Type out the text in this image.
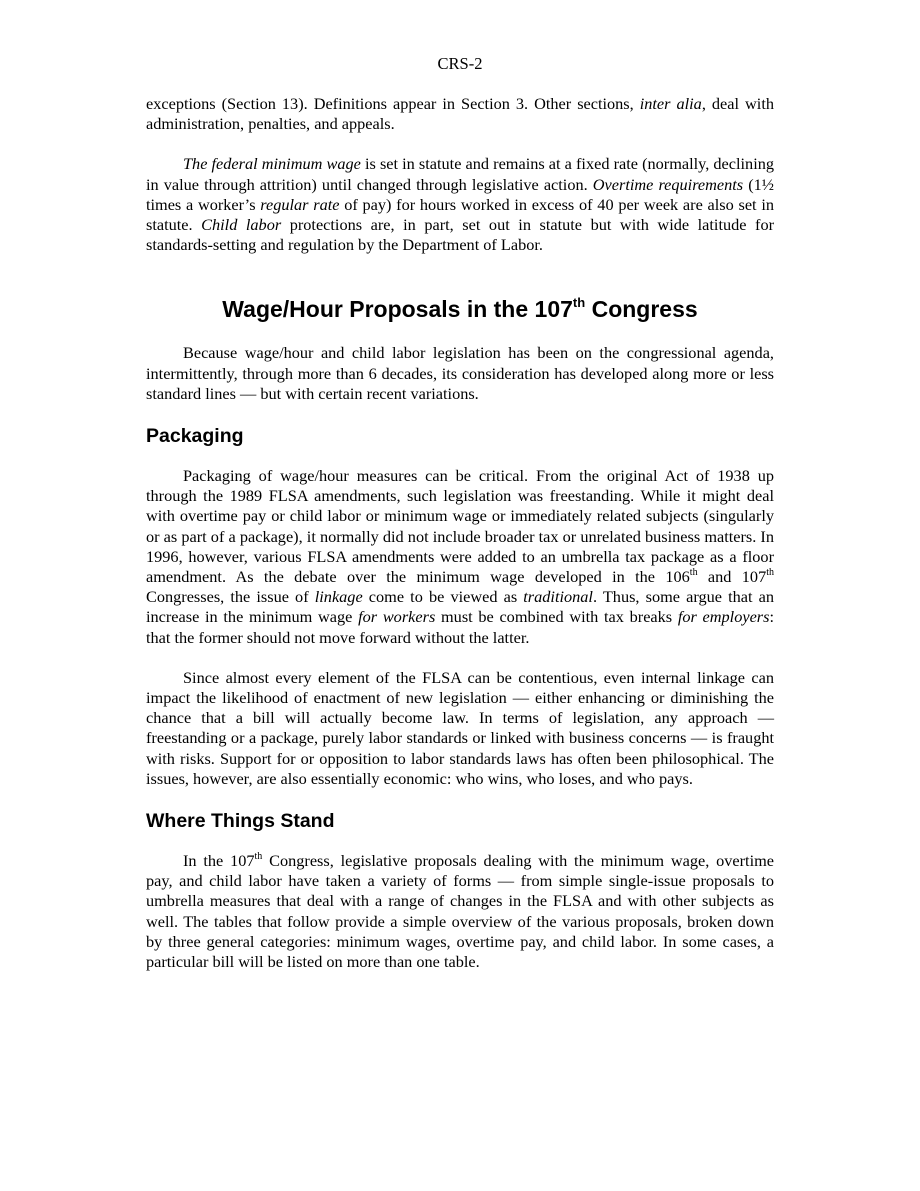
CRS-2

exceptions (Section 13). Definitions appear in Section 3. Other sections, inter alia, deal with administration, penalties, and appeals.

The federal minimum wage is set in statute and remains at a fixed rate (normally, declining in value through attrition) until changed through legislative action. Overtime requirements (1½ times a worker’s regular rate of pay) for hours worked in excess of 40 per week are also set in statute. Child labor protections are, in part, set out in statute but with wide latitude for standards-setting and regulation by the Department of Labor.

Wage/Hour Proposals in the 107th Congress

Because wage/hour and child labor legislation has been on the congressional agenda, intermittently, through more than 6 decades, its consideration has developed along more or less standard lines — but with certain recent variations.

Packaging

Packaging of wage/hour measures can be critical. From the original Act of 1938 up through the 1989 FLSA amendments, such legislation was freestanding. While it might deal with overtime pay or child labor or minimum wage or immediately related subjects (singularly or as part of a package), it normally did not include broader tax or unrelated business matters. In 1996, however, various FLSA amendments were added to an umbrella tax package as a floor amendment. As the debate over the minimum wage developed in the 106th and 107th Congresses, the issue of linkage come to be viewed as traditional. Thus, some argue that an increase in the minimum wage for workers must be combined with tax breaks for employers: that the former should not move forward without the latter.

Since almost every element of the FLSA can be contentious, even internal linkage can impact the likelihood of enactment of new legislation — either enhancing or diminishing the chance that a bill will actually become law. In terms of legislation, any approach — freestanding or a package, purely labor standards or linked with business concerns — is fraught with risks. Support for or opposition to labor standards laws has often been philosophical. The issues, however, are also essentially economic: who wins, who loses, and who pays.

Where Things Stand

In the 107th Congress, legislative proposals dealing with the minimum wage, overtime pay, and child labor have taken a variety of forms — from simple single-issue proposals to umbrella measures that deal with a range of changes in the FLSA and with other subjects as well. The tables that follow provide a simple overview of the various proposals, broken down by three general categories: minimum wages, overtime pay, and child labor. In some cases, a particular bill will be listed on more than one table.
